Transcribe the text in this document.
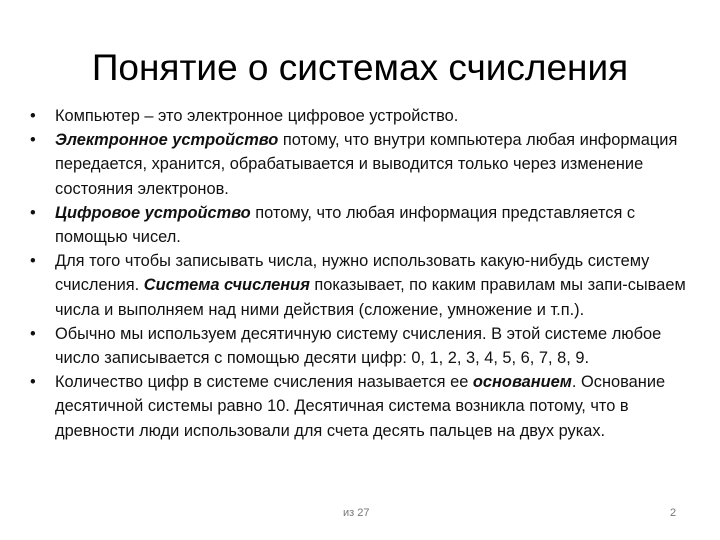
Понятие о системах счисления
•	Компьютер – это электронное цифровое устройство.
•	Электронное устройство потому, что внутри компьютера любая информация передается, хранится, обрабатывается и выводится только через изменение состояния электронов.
•	Цифровое устройство потому, что любая информация представляется с помощью чисел.
•	Для того чтобы записывать числа, нужно использовать какую-нибудь систему счисления. Система счисления показывает, по каким правилам мы запи-сываем числа и выполняем над ними действия (сложение, умножение и т.п.).
•	Обычно мы используем десятичную систему счисления. В этой системе любое число записывается с помощью десяти цифр: 0, 1, 2, 3, 4, 5, 6, 7, 8, 9.
•	Количество цифр в системе счисления называется ее основанием. Основание десятичной системы равно 10. Десятичная система возникла потому, что в древности люди использовали для счета десять пальцев на двух руках.
из 27	2
